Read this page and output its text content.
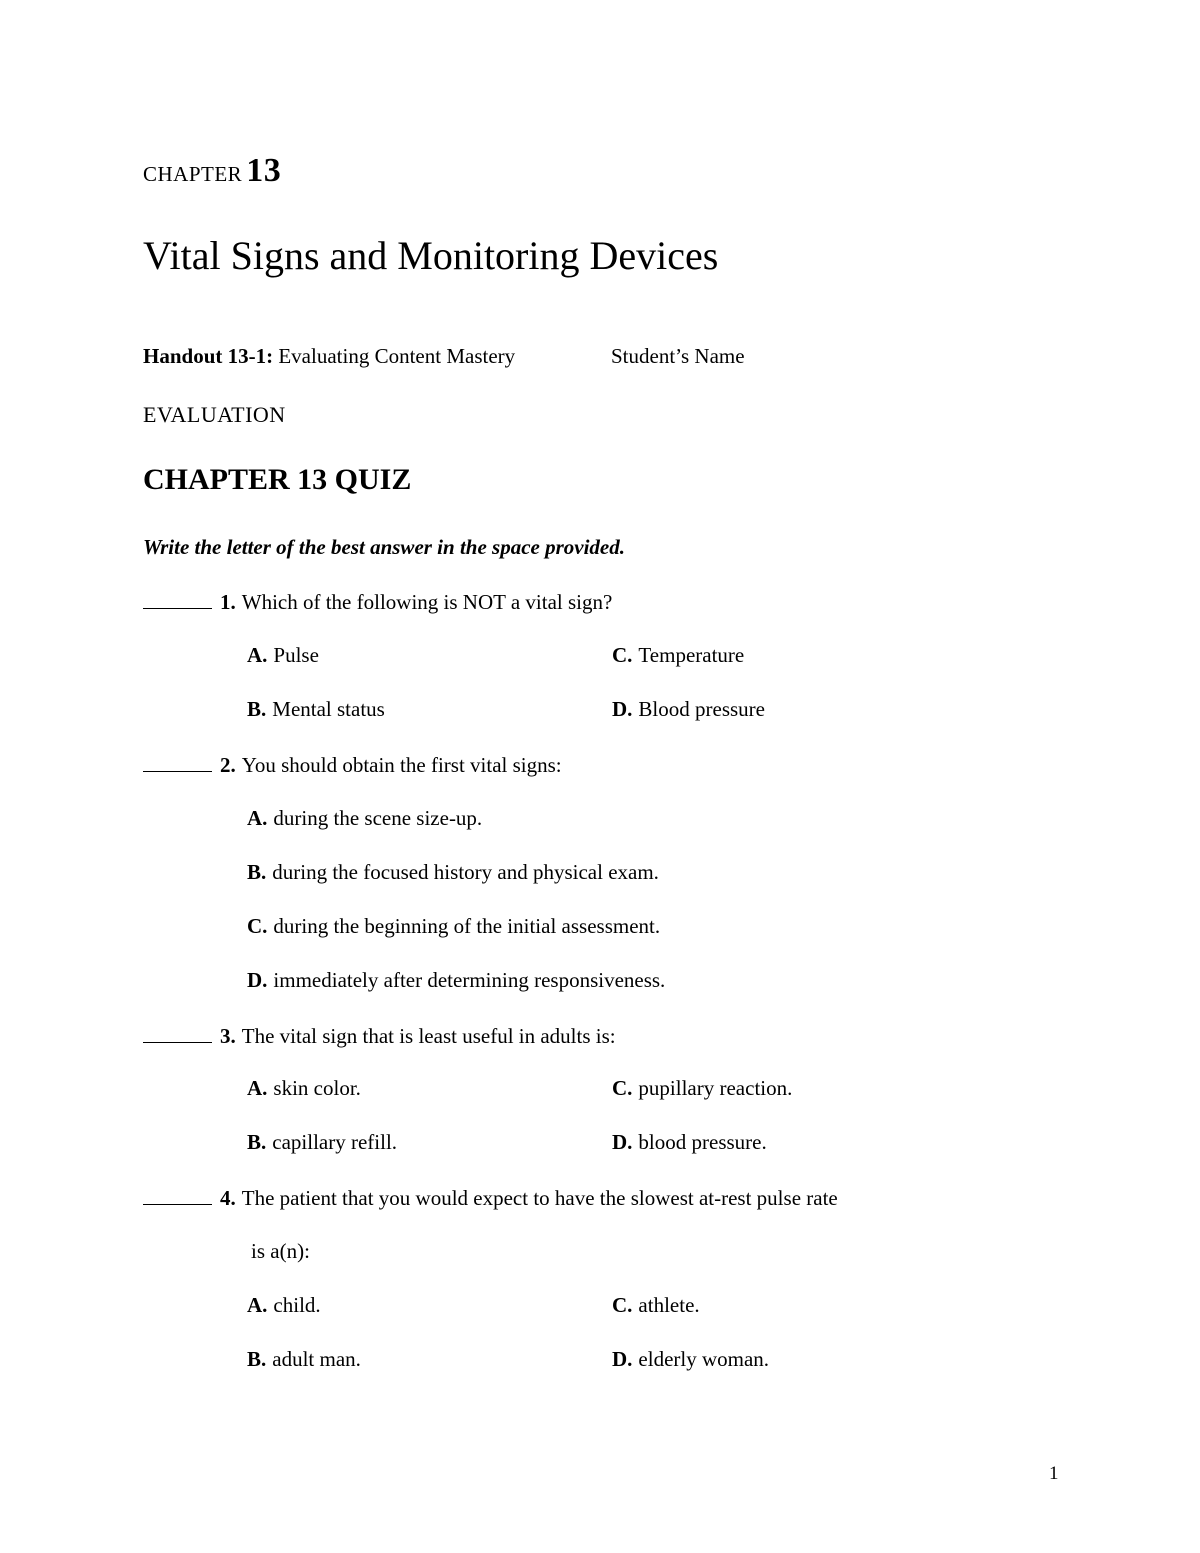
CHAPTER 13
Vital Signs and Monitoring Devices
Handout 13-1: Evaluating Content Mastery	Student’s Name
EVALUATION
CHAPTER 13 QUIZ
Write the letter of the best answer in the space provided.
1. Which of the following is NOT a vital sign?
A. Pulse	C. Temperature
B. Mental status	D. Blood pressure
2. You should obtain the first vital signs:
A. during the scene size-up.
B. during the focused history and physical exam.
C. during the beginning of the initial assessment.
D. immediately after determining responsiveness.
3. The vital sign that is least useful in adults is:
A. skin color.	C. pupillary reaction.
B. capillary refill.	D. blood pressure.
4. The patient that you would expect to have the slowest at-rest pulse rate
is a(n):
A. child.	C. athlete.
B. adult man.	D. elderly woman.
1
